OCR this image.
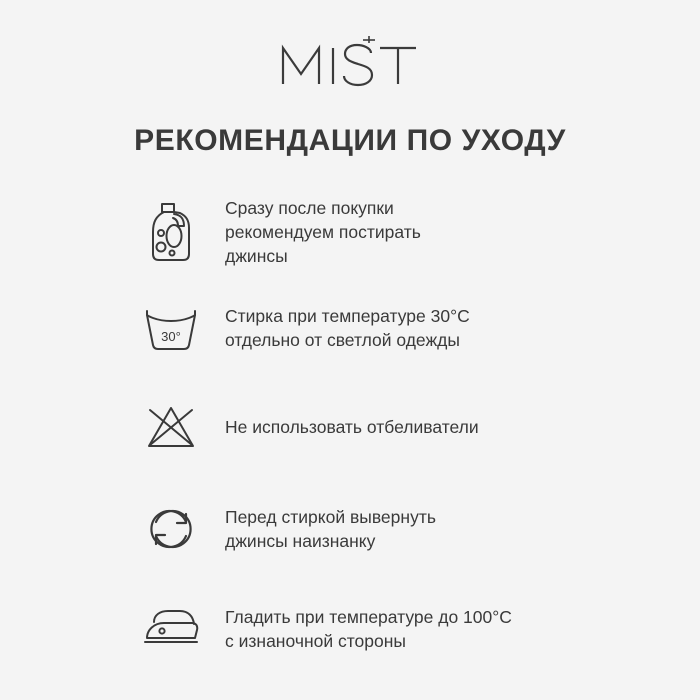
РЕКОМЕНДАЦИИ ПО УХОДУ
Сразу после покупки
рекомендуем постирать
джинсы
30°
Стирка при температуре 30°С
отдельно от светлой одежды
Не использовать отбеливатели
Перед стиркой вывернуть
джинсы наизнанку
Гладить при температуре до 100°С
с изнаночной стороны
